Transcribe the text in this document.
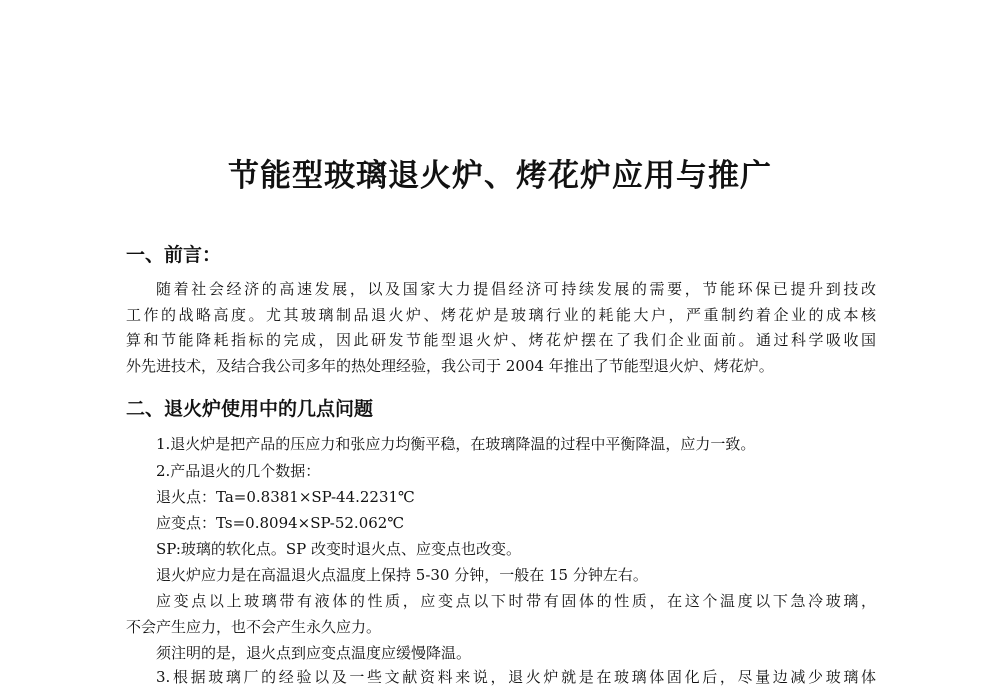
节能型玻璃退火炉、烤花炉应用与推广
一、前言：

随着社会经济的高速发展，以及国家大力提倡经济可持续发展的需要，节能环保已提升到技改

工作的战略高度。尤其玻璃制品退火炉、烤花炉是玻璃行业的耗能大户，严重制约着企业的成本核

算和节能降耗指标的完成，因此研发节能型退火炉、烤花炉摆在了我们企业面前。通过科学吸收国

外先进技术，及结合我公司多年的热处理经验，我公司于 2004 年推出了节能型退火炉、烤花炉。

二、退火炉使用中的几点问题

1.退火炉是把产品的压应力和张应力均衡平稳，在玻璃降温的过程中平衡降温，应力一致。

2.产品退火的几个数据：

退火点：Ta=0.8381×SP-44.2231℃

应变点：Ts=0.8094×SP-52.062℃

SP:玻璃的软化点。SP 改变时退火点、应变点也改变。

退火炉应力是在高温退火点温度上保持 5-30 分钟，一般在 15 分钟左右。

应变点以上玻璃带有液体的性质，应变点以下时带有固体的性质，在这个温度以下急冷玻璃，

不会产生应力，也不会产生永久应力。

须注明的是，退火点到应变点温度应缓慢降温。

3.根据玻璃厂的经验以及一些文献资料来说，退火炉就是在玻璃体固化后，尽量边减少玻璃体
